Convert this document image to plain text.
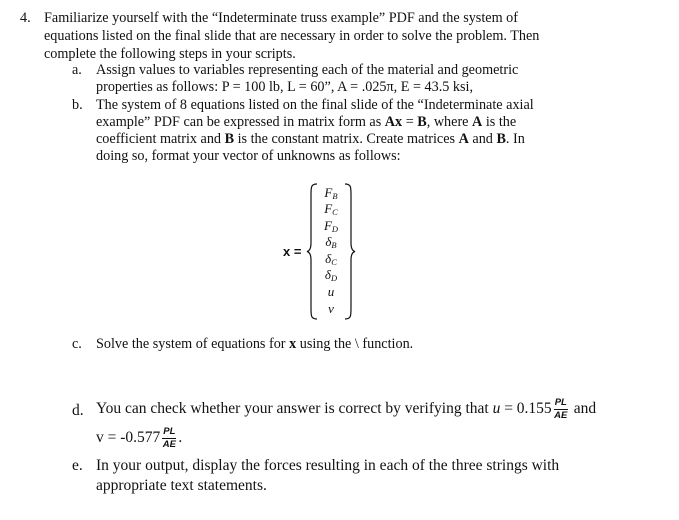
4. Familiarize yourself with the “Indeterminate truss example” PDF and the system of
equations listed on the final slide that are necessary in order to solve the problem. Then
complete the following steps in your scripts.
a. Assign values to variables representing each of the material and geometric
properties as follows: P = 100 lb, L = 60”, A = .025π, E = 43.5 ksi,
b. The system of 8 equations listed on the final slide of the “Indeterminate axial
example” PDF can be expressed in matrix form as Ax = B, where A is the
coefficient matrix and B is the constant matrix. Create matrices A and B. In
doing so, format your vector of unknowns as follows:
x =
$F_B$
$F_C$
$F_D$
$\delta_B$
$\delta_C$
$\delta_D$
u
v
c. Solve the system of equations for x using the \ function.
d. You can check whether your answer is correct by verifying that $u = 0.155 \frac{PL}{AE}$ and
$v = -0.577 \frac{PL}{AE}$ .
e. In your output, display the forces resulting in each of the three strings with
appropriate text statements.
